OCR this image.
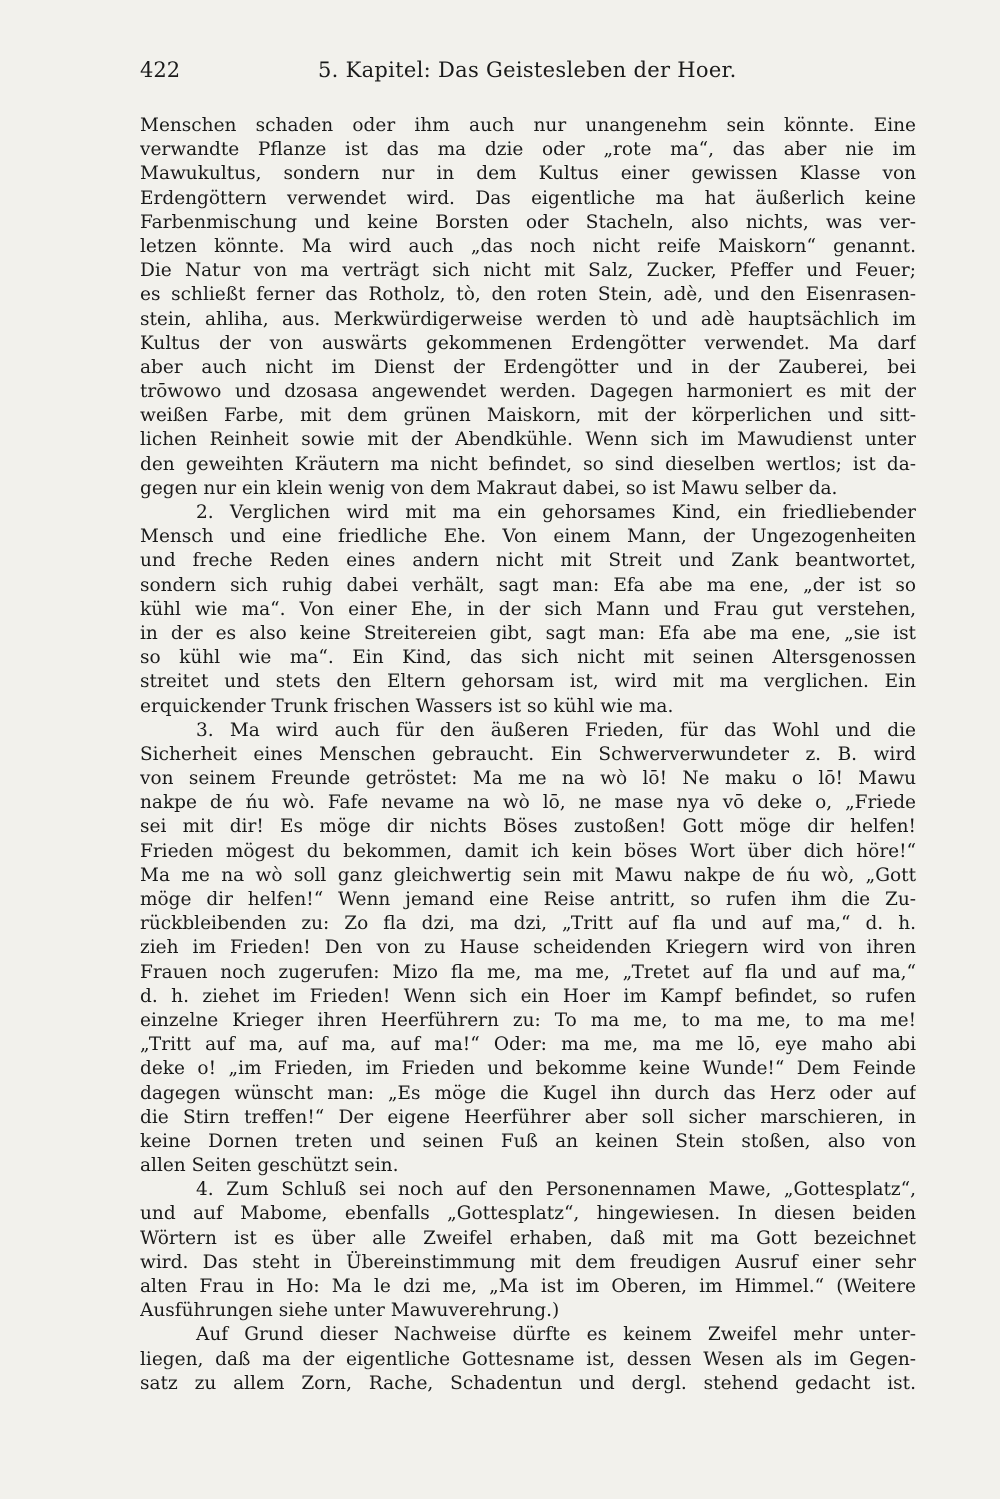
422	5. Kapitel: Das Geistesleben der Hoer.
Menschen schaden oder ihm auch nur unangenehm sein könnte. Eine
verwandte Pflanze ist das ma dzie oder „rote ma“, das aber nie im
Mawukultus, sondern nur in dem Kultus einer gewissen Klasse von
Erdengöttern verwendet wird. Das eigentliche ma hat äußerlich keine
Farbenmischung und keine Borsten oder Stacheln, also nichts, was ver-
letzen könnte. Ma wird auch „das noch nicht reife Maiskorn“ genannt.
Die Natur von ma verträgt sich nicht mit Salz, Zucker, Pfeffer und Feuer;
es schließt ferner das Rotholz, tò, den roten Stein, adè, und den Eisenrasen-
stein, ahliha, aus. Merkwürdigerweise werden tò und adè hauptsächlich im
Kultus der von auswärts gekommenen Erdengötter verwendet. Ma darf
aber auch nicht im Dienst der Erdengötter und in der Zauberei, bei
trōwowo und dzosasa angewendet werden. Dagegen harmoniert es mit der
weißen Farbe, mit dem grünen Maiskorn, mit der körperlichen und sitt-
lichen Reinheit sowie mit der Abendkühle. Wenn sich im Mawudienst unter
den geweihten Kräutern ma nicht befindet, so sind dieselben wertlos; ist da-
gegen nur ein klein wenig von dem Makraut dabei, so ist Mawu selber da.
2. Verglichen wird mit ma ein gehorsames Kind, ein friedliebender
Mensch und eine friedliche Ehe. Von einem Mann, der Ungezogenheiten
und freche Reden eines andern nicht mit Streit und Zank beantwortet,
sondern sich ruhig dabei verhält, sagt man: Efa abe ma ene, „der ist so
kühl wie ma“. Von einer Ehe, in der sich Mann und Frau gut verstehen,
in der es also keine Streitereien gibt, sagt man: Efa abe ma ene, „sie ist
so kühl wie ma“. Ein Kind, das sich nicht mit seinen Altersgenossen
streitet und stets den Eltern gehorsam ist, wird mit ma verglichen. Ein
erquickender Trunk frischen Wassers ist so kühl wie ma.
3. Ma wird auch für den äußeren Frieden, für das Wohl und die
Sicherheit eines Menschen gebraucht. Ein Schwerverwundeter z. B. wird
von seinem Freunde getröstet: Ma me na wò lō! Ne maku o lō! Mawu
nakpe de ńu wò. Fafe nevame na wò lō, ne mase nya vō deke o, „Friede
sei mit dir! Es möge dir nichts Böses zustoßen! Gott möge dir helfen!
Frieden mögest du bekommen, damit ich kein böses Wort über dich höre!“
Ma me na wò soll ganz gleichwertig sein mit Mawu nakpe de ńu wò, „Gott
möge dir helfen!“ Wenn jemand eine Reise antritt, so rufen ihm die Zu-
rückbleibenden zu: Zo fla dzi, ma dzi, „Tritt auf fla und auf ma,“ d. h.
zieh im Frieden! Den von zu Hause scheidenden Kriegern wird von ihren
Frauen noch zugerufen: Mizo fla me, ma me, „Tretet auf fla und auf ma,“
d. h. ziehet im Frieden! Wenn sich ein Hoer im Kampf befindet, so rufen
einzelne Krieger ihren Heerführern zu: To ma me, to ma me, to ma me!
„Tritt auf ma, auf ma, auf ma!“ Oder: ma me, ma me lō, eye maho abi
deke o! „im Frieden, im Frieden und bekomme keine Wunde!“ Dem Feinde
dagegen wünscht man: „Es möge die Kugel ihn durch das Herz oder auf
die Stirn treffen!“ Der eigene Heerführer aber soll sicher marschieren, in
keine Dornen treten und seinen Fuß an keinen Stein stoßen, also von
allen Seiten geschützt sein.
4. Zum Schluß sei noch auf den Personennamen Mawe, „Gottesplatz“,
und auf Mabome, ebenfalls „Gottesplatz“, hingewiesen. In diesen beiden
Wörtern ist es über alle Zweifel erhaben, daß mit ma Gott bezeichnet
wird. Das steht in Übereinstimmung mit dem freudigen Ausruf einer sehr
alten Frau in Ho: Ma le dzi me, „Ma ist im Oberen, im Himmel.“ (Weitere
Ausführungen siehe unter Mawuverehrung.)
Auf Grund dieser Nachweise dürfte es keinem Zweifel mehr unter-
liegen, daß ma der eigentliche Gottesname ist, dessen Wesen als im Gegen-
satz zu allem Zorn, Rache, Schadentun und dergl. stehend gedacht ist.
